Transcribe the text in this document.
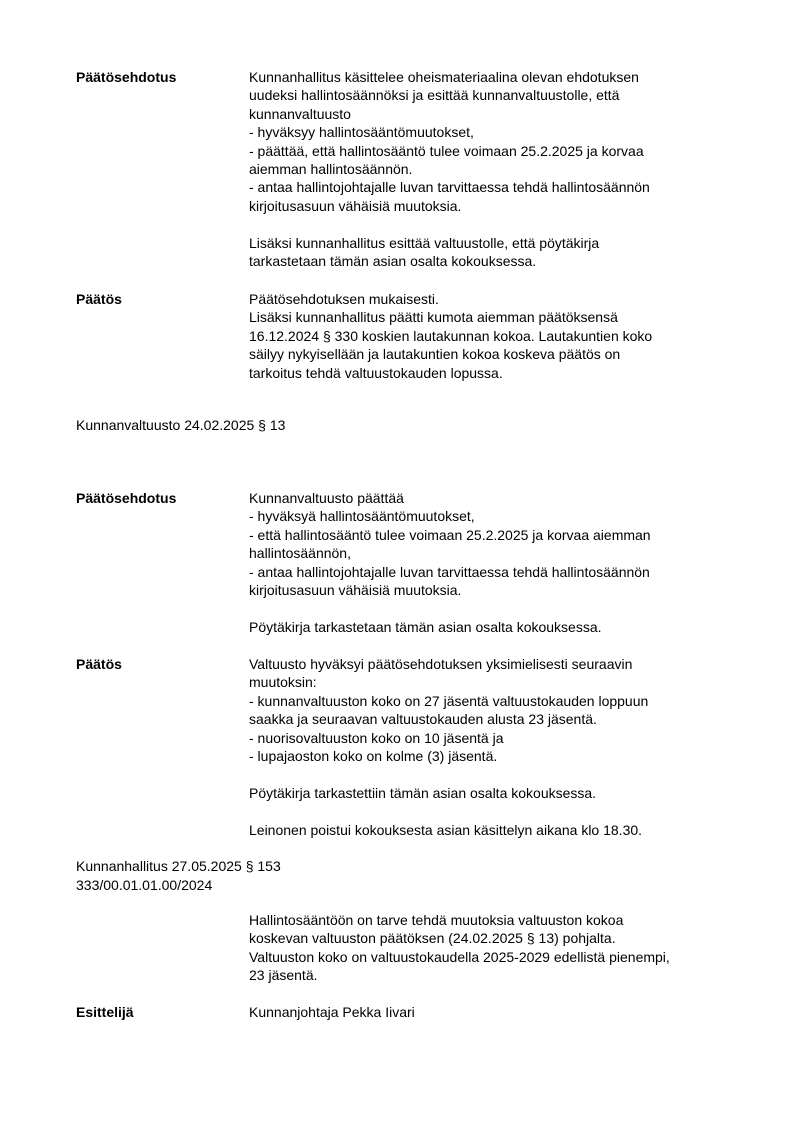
Päätösehdotus	Kunnanhallitus käsittelee oheismateriaalina olevan ehdotuksen
uudeksi hallintosäännöksi ja esittää kunnanvaltuustolle, että
kunnanvaltuusto
- hyväksyy hallintosääntömuutokset,
- päättää, että hallintosääntö tulee voimaan 25.2.2025 ja korvaa
aiemman hallintosäännön.
- antaa hallintojohtajalle luvan tarvittaessa tehdä hallintosäännön
kirjoitusasuun vähäisiä muutoksia.

Lisäksi kunnanhallitus esittää valtuustolle, että pöytäkirja
tarkastetaan tämän asian osalta kokouksessa.
Päätös	Päätösehdotuksen mukaisesti.
Lisäksi kunnanhallitus päätti kumota aiemman päätöksensä
16.12.2024 § 330 koskien lautakunnan kokoa. Lautakuntien koko
säilyy nykyisellään ja lautakuntien kokoa koskeva päätös on
tarkoitus tehdä valtuustokauden lopussa.
Kunnanvaltuusto 24.02.2025 § 13
Päätösehdotus	Kunnanvaltuusto päättää
- hyväksyä hallintosääntömuutokset,
- että hallintosääntö tulee voimaan 25.2.2025 ja korvaa aiemman
hallintosäännön,
- antaa hallintojohtajalle luvan tarvittaessa tehdä hallintosäännön
kirjoitusasuun vähäisiä muutoksia.

Pöytäkirja tarkastetaan tämän asian osalta kokouksessa.
Päätös	Valtuusto hyväksyi päätösehdotuksen yksimielisesti seuraavin
muutoksin:
- kunnanvaltuuston koko on 27 jäsentä valtuustokauden loppuun
saakka ja seuraavan valtuustokauden alusta 23 jäsentä.
- nuorisovaltuuston koko on 10 jäsentä ja
- lupajaoston koko on kolme (3) jäsentä.

Pöytäkirja tarkastettiin tämän asian osalta kokouksessa.

Leinonen poistui kokouksesta asian käsittelyn aikana klo 18.30.
Kunnanhallitus 27.05.2025 § 153
333/00.01.01.00/2024
Hallintosääntöön on tarve tehdä muutoksia valtuuston kokoa
koskevan valtuuston päätöksen (24.02.2025 § 13) pohjalta.
Valtuuston koko on valtuustokaudella 2025-2029 edellistä pienempi,
23 jäsentä.
Esittelijä	Kunnanjohtaja Pekka Iivari
